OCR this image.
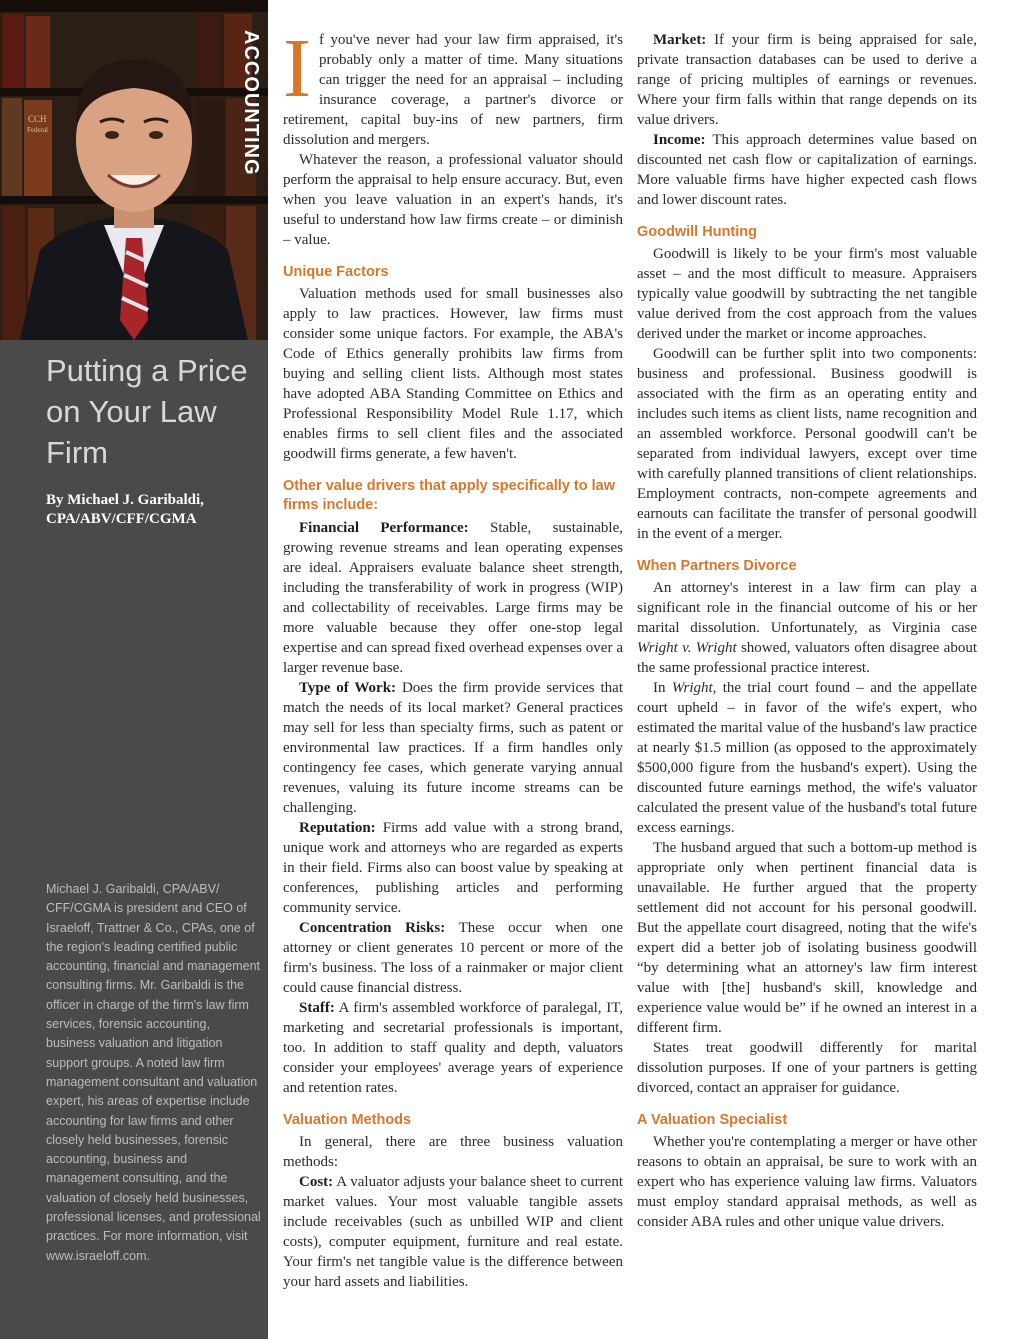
CCH
Federal	ACCOUNTING
Putting a Price on Your Law Firm
By Michael J. Garibaldi,
CPA/ABV/CFF/CGMA

Michael J. Garibaldi, CPA/ABV/ CFF/CGMA is president and CEO of Israeloff, Trattner & Co., CPAs, one of the region's leading certified public accounting, financial and management consulting firms. Mr. Garibaldi is the officer in charge of the firm's law firm services, forensic accounting, business valuation and litigation support groups. A noted law firm management consultant and valuation expert, his areas of expertise include accounting for law firms and other closely held businesses, forensic accounting, business and management consulting, and the valuation of closely held businesses, professional licenses, and professional practices. For more information, visit www.israeloff.com.

If you've never had your law firm appraised, it's probably only a matter of time. Many situations can trigger the need for an appraisal – including insurance coverage, a partner's divorce or retirement, capital buy-ins of new partners, firm dissolution and mergers.

Whatever the reason, a professional valuator should perform the appraisal to help ensure accuracy. But, even when you leave valuation in an expert's hands, it's useful to understand how law firms create – or diminish – value.

Unique Factors

Valuation methods used for small businesses also apply to law practices. However, law firms must consider some unique factors. For example, the ABA's Code of Ethics generally prohibits law firms from buying and selling client lists. Although most states have adopted ABA Standing Committee on Ethics and Professional Responsibility Model Rule 1.17, which enables firms to sell client files and the associated goodwill firms generate, a few haven't.

Other value drivers that apply specifically to law firms include:

Financial Performance: Stable, sustainable, growing revenue streams and lean operating expenses are ideal. Appraisers evaluate balance sheet strength, including the transferability of work in progress (WIP) and collectability of receivables. Large firms may be more valuable because they offer one-stop legal expertise and can spread fixed overhead expenses over a larger revenue base.

Type of Work: Does the firm provide services that match the needs of its local market? General practices may sell for less than specialty firms, such as patent or environmental law practices. If a firm handles only contingency fee cases, which generate varying annual revenues, valuing its future income streams can be challenging.

Reputation: Firms add value with a strong brand, unique work and attorneys who are regarded as experts in their field. Firms also can boost value by speaking at conferences, publishing articles and performing community service.

Concentration Risks: These occur when one attorney or client generates 10 percent or more of the firm's business. The loss of a rainmaker or major client could cause financial distress.

Staff: A firm's assembled workforce of paralegal, IT, marketing and secretarial professionals is important, too. In addition to staff quality and depth, valuators consider your employees' average years of experience and retention rates.

Valuation Methods

In general, there are three business valuation methods:

Cost: A valuator adjusts your balance sheet to current market values. Your most valuable tangible assets include receivables (such as unbilled WIP and client costs), computer equipment, furniture and real estate. Your firm's net tangible value is the difference between your hard assets and liabilities.

Market: If your firm is being appraised for sale, private transaction databases can be used to derive a range of pricing multiples of earnings or revenues. Where your firm falls within that range depends on its value drivers.

Income: This approach determines value based on discounted net cash flow or capitalization of earnings. More valuable firms have higher expected cash flows and lower discount rates.

Goodwill Hunting

Goodwill is likely to be your firm's most valuable asset – and the most difficult to measure. Appraisers typically value goodwill by subtracting the net tangible value derived from the cost approach from the values derived under the market or income approaches.

Goodwill can be further split into two components: business and professional. Business goodwill is associated with the firm as an operating entity and includes such items as client lists, name recognition and an assembled workforce. Personal goodwill can't be separated from individual lawyers, except over time with carefully planned transitions of client relationships. Employment contracts, non-compete agreements and earnouts can facilitate the transfer of personal goodwill in the event of a merger.

When Partners Divorce

An attorney's interest in a law firm can play a significant role in the financial outcome of his or her marital dissolution. Unfortunately, as Virginia case Wright v. Wright showed, valuators often disagree about the same professional practice interest.

In Wright, the trial court found – and the appellate court upheld – in favor of the wife's expert, who estimated the marital value of the husband's law practice at nearly $1.5 million (as opposed to the approximately $500,000 figure from the husband's expert). Using the discounted future earnings method, the wife's valuator calculated the present value of the husband's total future excess earnings.

The husband argued that such a bottom-up method is appropriate only when pertinent financial data is unavailable. He further argued that the property settlement did not account for his personal goodwill. But the appellate court disagreed, noting that the wife's expert did a better job of isolating business goodwill “by determining what an attorney's law firm interest value with [the] husband's skill, knowledge and experience value would be” if he owned an interest in a different firm.

States treat goodwill differently for marital dissolution purposes. If one of your partners is getting divorced, contact an appraiser for guidance.

A Valuation Specialist

Whether you're contemplating a merger or have other reasons to obtain an appraisal, be sure to work with an expert who has experience valuing law firms. Valuators must employ standard appraisal methods, as well as consider ABA rules and other unique value drivers.
